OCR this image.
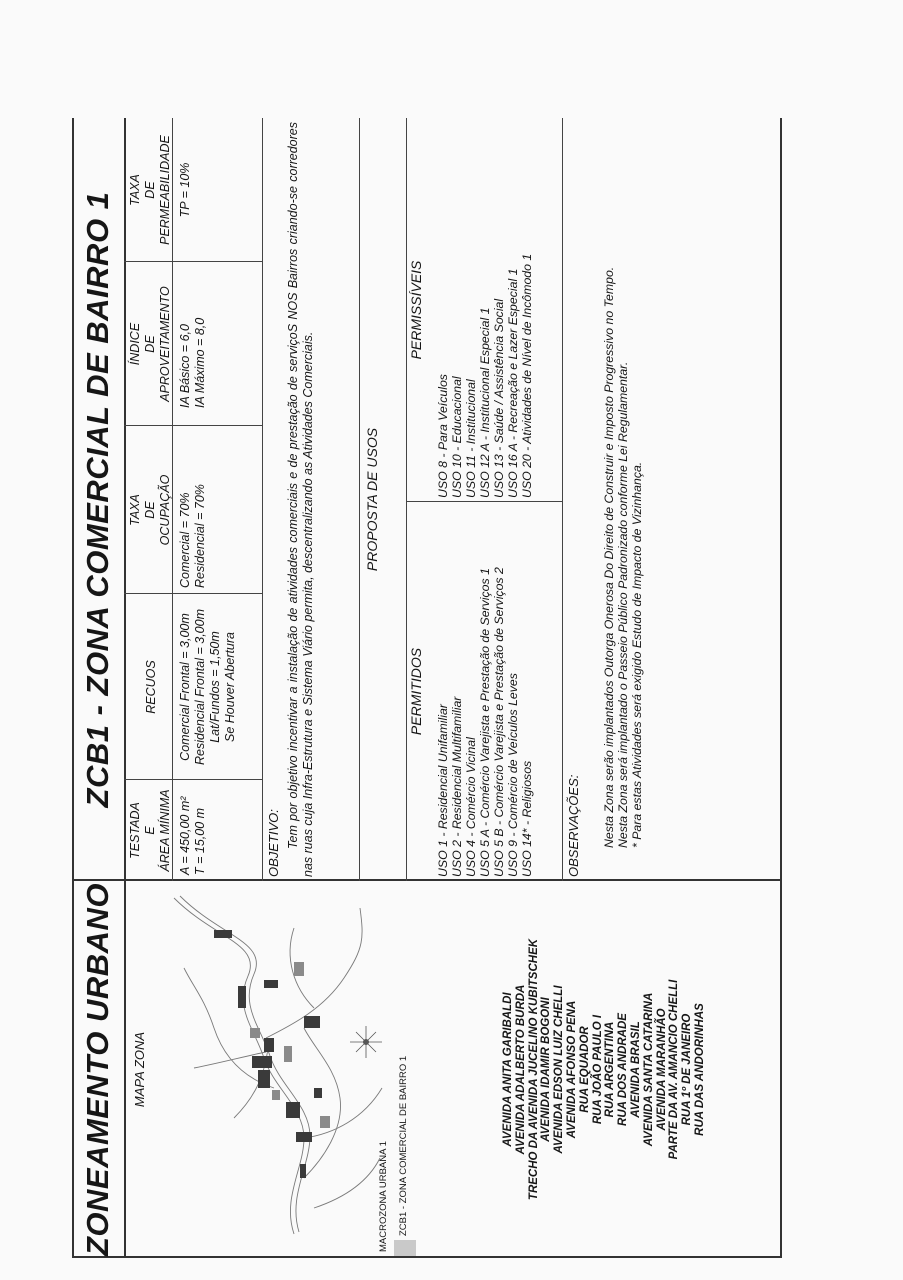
ZONEAMENTO URBANO MAPA ZONA
MACROZONA URBANA 1 ZCB1 - ZONA COMERCIAL DE BAIRRO 1	AVENIDA ANITA GARIBALDI AVENIDA ADALBERTO BURDA TRECHO DA AVENIDA JUCELINO KUBITSCHEK AVENIDA IDAMIR BOGONI AVENIDA EDSON LUIZ CHELLI AVENIDA AFONSO PENA RUA EQUADOR RUA JOÃO PAULO I RUA ARGENTINA RUA DOS ANDRADE AVENIDA BRASIL AVENIDA SANTA CATARINA AVENIDA MARANHÃO PARTE DA AV. AMANCIO CHELLI RUA 1º DE JANEIRO RUA DAS ANDORINHAS
ZCB1 - ZONA COMERCIAL DE BAIRRO 1
TESTADA E ÁREA MÍNIMA
RECUOS
TAXA DE OCUPAÇÃO
ÍNDICE DE APROVEITAMENTO
TAXA DE PERMEABILIDADE
A = 450,00 m² T = 15,00 m
Comercial Frontal = 3,00m Residencial Frontal = 3,00m Lat/Fundos = 1,50m Se Houver Abertura
Comercial = 70% Residencial = 70%
IA Básico = 6,0 IA Máximo = 8,0
TP = 10%
OBJETIVO: Tem por objetivo incentivar a instalação de atividades comerciais e de prestação de serviçoS NOS Bairros criando-se corredores nas ruas cuja Infra-Estrutura e Sistema Viário permita, descentralizando as Atividades Comerciais.	PROPOSTA DE USOS
PERMITIDOS
PERMISSÍVEIS
USO 1 - Residencial Unifamiliar USO 2 - Residencial Multifamiliar USO 4 - Comércio Vicinal USO 5 A - Comércio Varejista e Prestação de Serviços 1 USO 5 B - Comércio Varejista e Prestação de Serviços 2 USO 9 - Comércio de Veículos Leves USO 14* - Religiosos
USO 8 - Para Veículos USO 10 - Educacional USO 11 - Institucional USO 12 A - Institucional Especial 1 USO 13 - Saúde / Assistência Social USO 16 A - Recreação e Lazer Especial 1 USO 20 - Atividades de Nível de Incômodo 1
OBSERVAÇÕES: Nesta Zona serão implantados Outorga Onerosa Do Direito de Construir e Imposto Progressivo no Tempo. Nesta Zona será implantado o Passeio Público Padronizado conforme Lei Regulamentar. * Para estas Atividades será exigido Estudo de Impacto de Vizinhança.
